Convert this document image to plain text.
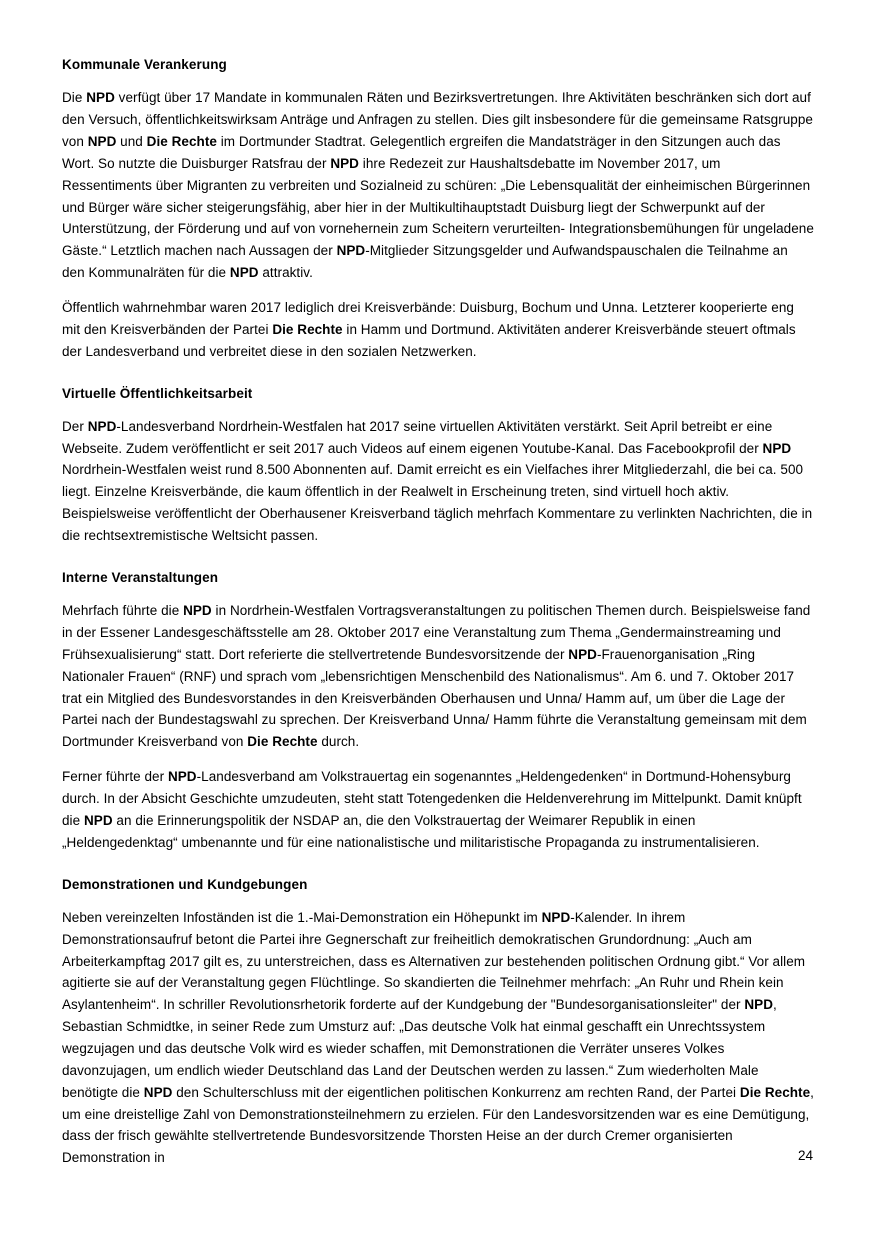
Kommunale Verankerung

Die NPD verfügt über 17 Mandate in kommunalen Räten und Bezirksvertretungen. Ihre Aktivitäten beschränken sich dort auf den Versuch, öffentlichkeitswirksam Anträge und Anfragen zu stellen. Dies gilt insbesondere für die gemeinsame Ratsgruppe von NPD und Die Rechte im Dortmunder Stadtrat. Gelegentlich ergreifen die Mandatsträger in den Sitzungen auch das Wort. So nutzte die Duisburger Ratsfrau der NPD ihre Redezeit zur Haushaltsdebatte im November 2017, um Ressentiments über Migranten zu verbreiten und Sozialneid zu schüren: „Die Lebensqualität der einheimischen Bürgerinnen und Bürger wäre sicher steigerungsfähig, aber hier in der Multikultihauptstadt Duisburg liegt der Schwerpunkt auf der Unterstützung, der Förderung und auf von vornehernein zum Scheitern verurteilten- Integrationsbemühungen für ungeladene Gäste.“ Letztlich machen nach Aussagen der NPD-Mitglieder Sitzungsgelder und Aufwandspauschalen die Teilnahme an den Kommunalräten für die NPD attraktiv.

Öffentlich wahrnehmbar waren 2017 lediglich drei Kreisverbände: Duisburg, Bochum und Unna. Letzterer kooperierte eng mit den Kreisverbänden der Partei Die Rechte in Hamm und Dortmund. Aktivitäten anderer Kreisverbände steuert oftmals der Landesverband und verbreitet diese in den sozialen Netzwerken.

Virtuelle Öffentlichkeitsarbeit

Der NPD-Landesverband Nordrhein-Westfalen hat 2017 seine virtuellen Aktivitäten verstärkt. Seit April betreibt er eine Webseite. Zudem veröffentlicht er seit 2017 auch Videos auf einem eigenen Youtube-Kanal. Das Facebookprofil der NPD Nordrhein-Westfalen weist rund 8.500 Abonnenten auf. Damit erreicht es ein Vielfaches ihrer Mitgliederzahl, die bei ca. 500 liegt. Einzelne Kreisverbände, die kaum öffentlich in der Realwelt in Erscheinung treten, sind virtuell hoch aktiv. Beispielsweise veröffentlicht der Oberhausener Kreisverband täglich mehrfach Kommentare zu verlinkten Nachrichten, die in die rechtsextremistische Weltsicht passen.

Interne Veranstaltungen

Mehrfach führte die NPD in Nordrhein-Westfalen Vortragsveranstaltungen zu politischen Themen durch. Beispielsweise fand in der Essener Landesgeschäftsstelle am 28. Oktober 2017 eine Veranstaltung zum Thema „Gendermainstreaming und Frühsexualisierung“ statt. Dort referierte die stellvertretende Bundesvorsitzende der NPD-Frauenorganisation „Ring Nationaler Frauen“ (RNF) und sprach vom „lebensrichtigen Menschenbild des Nationalismus“. Am 6. und 7. Oktober 2017 trat ein Mitglied des Bundesvorstandes in den Kreisverbänden Oberhausen und Unna/ Hamm auf, um über die Lage der Partei nach der Bundestagswahl zu sprechen. Der Kreisverband Unna/ Hamm führte die Veranstaltung gemeinsam mit dem Dortmunder Kreisverband von Die Rechte durch.

Ferner führte der NPD-Landesverband am Volkstrauertag ein sogenanntes „Heldengedenken“ in Dortmund-Hohensyburg durch. In der Absicht Geschichte umzudeuten, steht statt Totengedenken die Heldenverehrung im Mittelpunkt. Damit knüpft die NPD an die Erinnerungspolitik der NSDAP an, die den Volkstrauertag der Weimarer Republik in einen „Heldengedenktag“ umbenannte und für eine nationalistische und militaristische Propaganda zu instrumentalisieren.

Demonstrationen und Kundgebungen

Neben vereinzelten Infoständen ist die 1.-Mai-Demonstration ein Höhepunkt im NPD-Kalender. In ihrem Demonstrationsaufruf betont die Partei ihre Gegnerschaft zur freiheitlich demokratischen Grundordnung: „Auch am Arbeiterkampftag 2017 gilt es, zu unterstreichen, dass es Alternativen zur bestehenden politischen Ordnung gibt.“ Vor allem agitierte sie auf der Veranstaltung gegen Flüchtlinge. So skandierten die Teilnehmer mehrfach: „An Ruhr und Rhein kein Asylantenheim“. In schriller Revolutionsrhetorik forderte auf der Kundgebung der "Bundesorganisationsleiter" der NPD, Sebastian Schmidtke, in seiner Rede zum Umsturz auf: „Das deutsche Volk hat einmal geschafft ein Unrechtssystem wegzujagen und das deutsche Volk wird es wieder schaffen, mit Demonstrationen die Verräter unseres Volkes davonzujagen, um endlich wieder Deutschland das Land der Deutschen werden zu lassen.“ Zum wiederholten Male benötigte die NPD den Schulterschluss mit der eigentlichen politischen Konkurrenz am rechten Rand, der Partei Die Rechte, um eine dreistellige Zahl von Demonstrationsteilnehmern zu erzielen. Für den Landesvorsitzenden war es eine Demütigung, dass der frisch gewählte stellvertretende Bundesvorsitzende Thorsten Heise an der durch Cremer organisierten Demonstration in	24
